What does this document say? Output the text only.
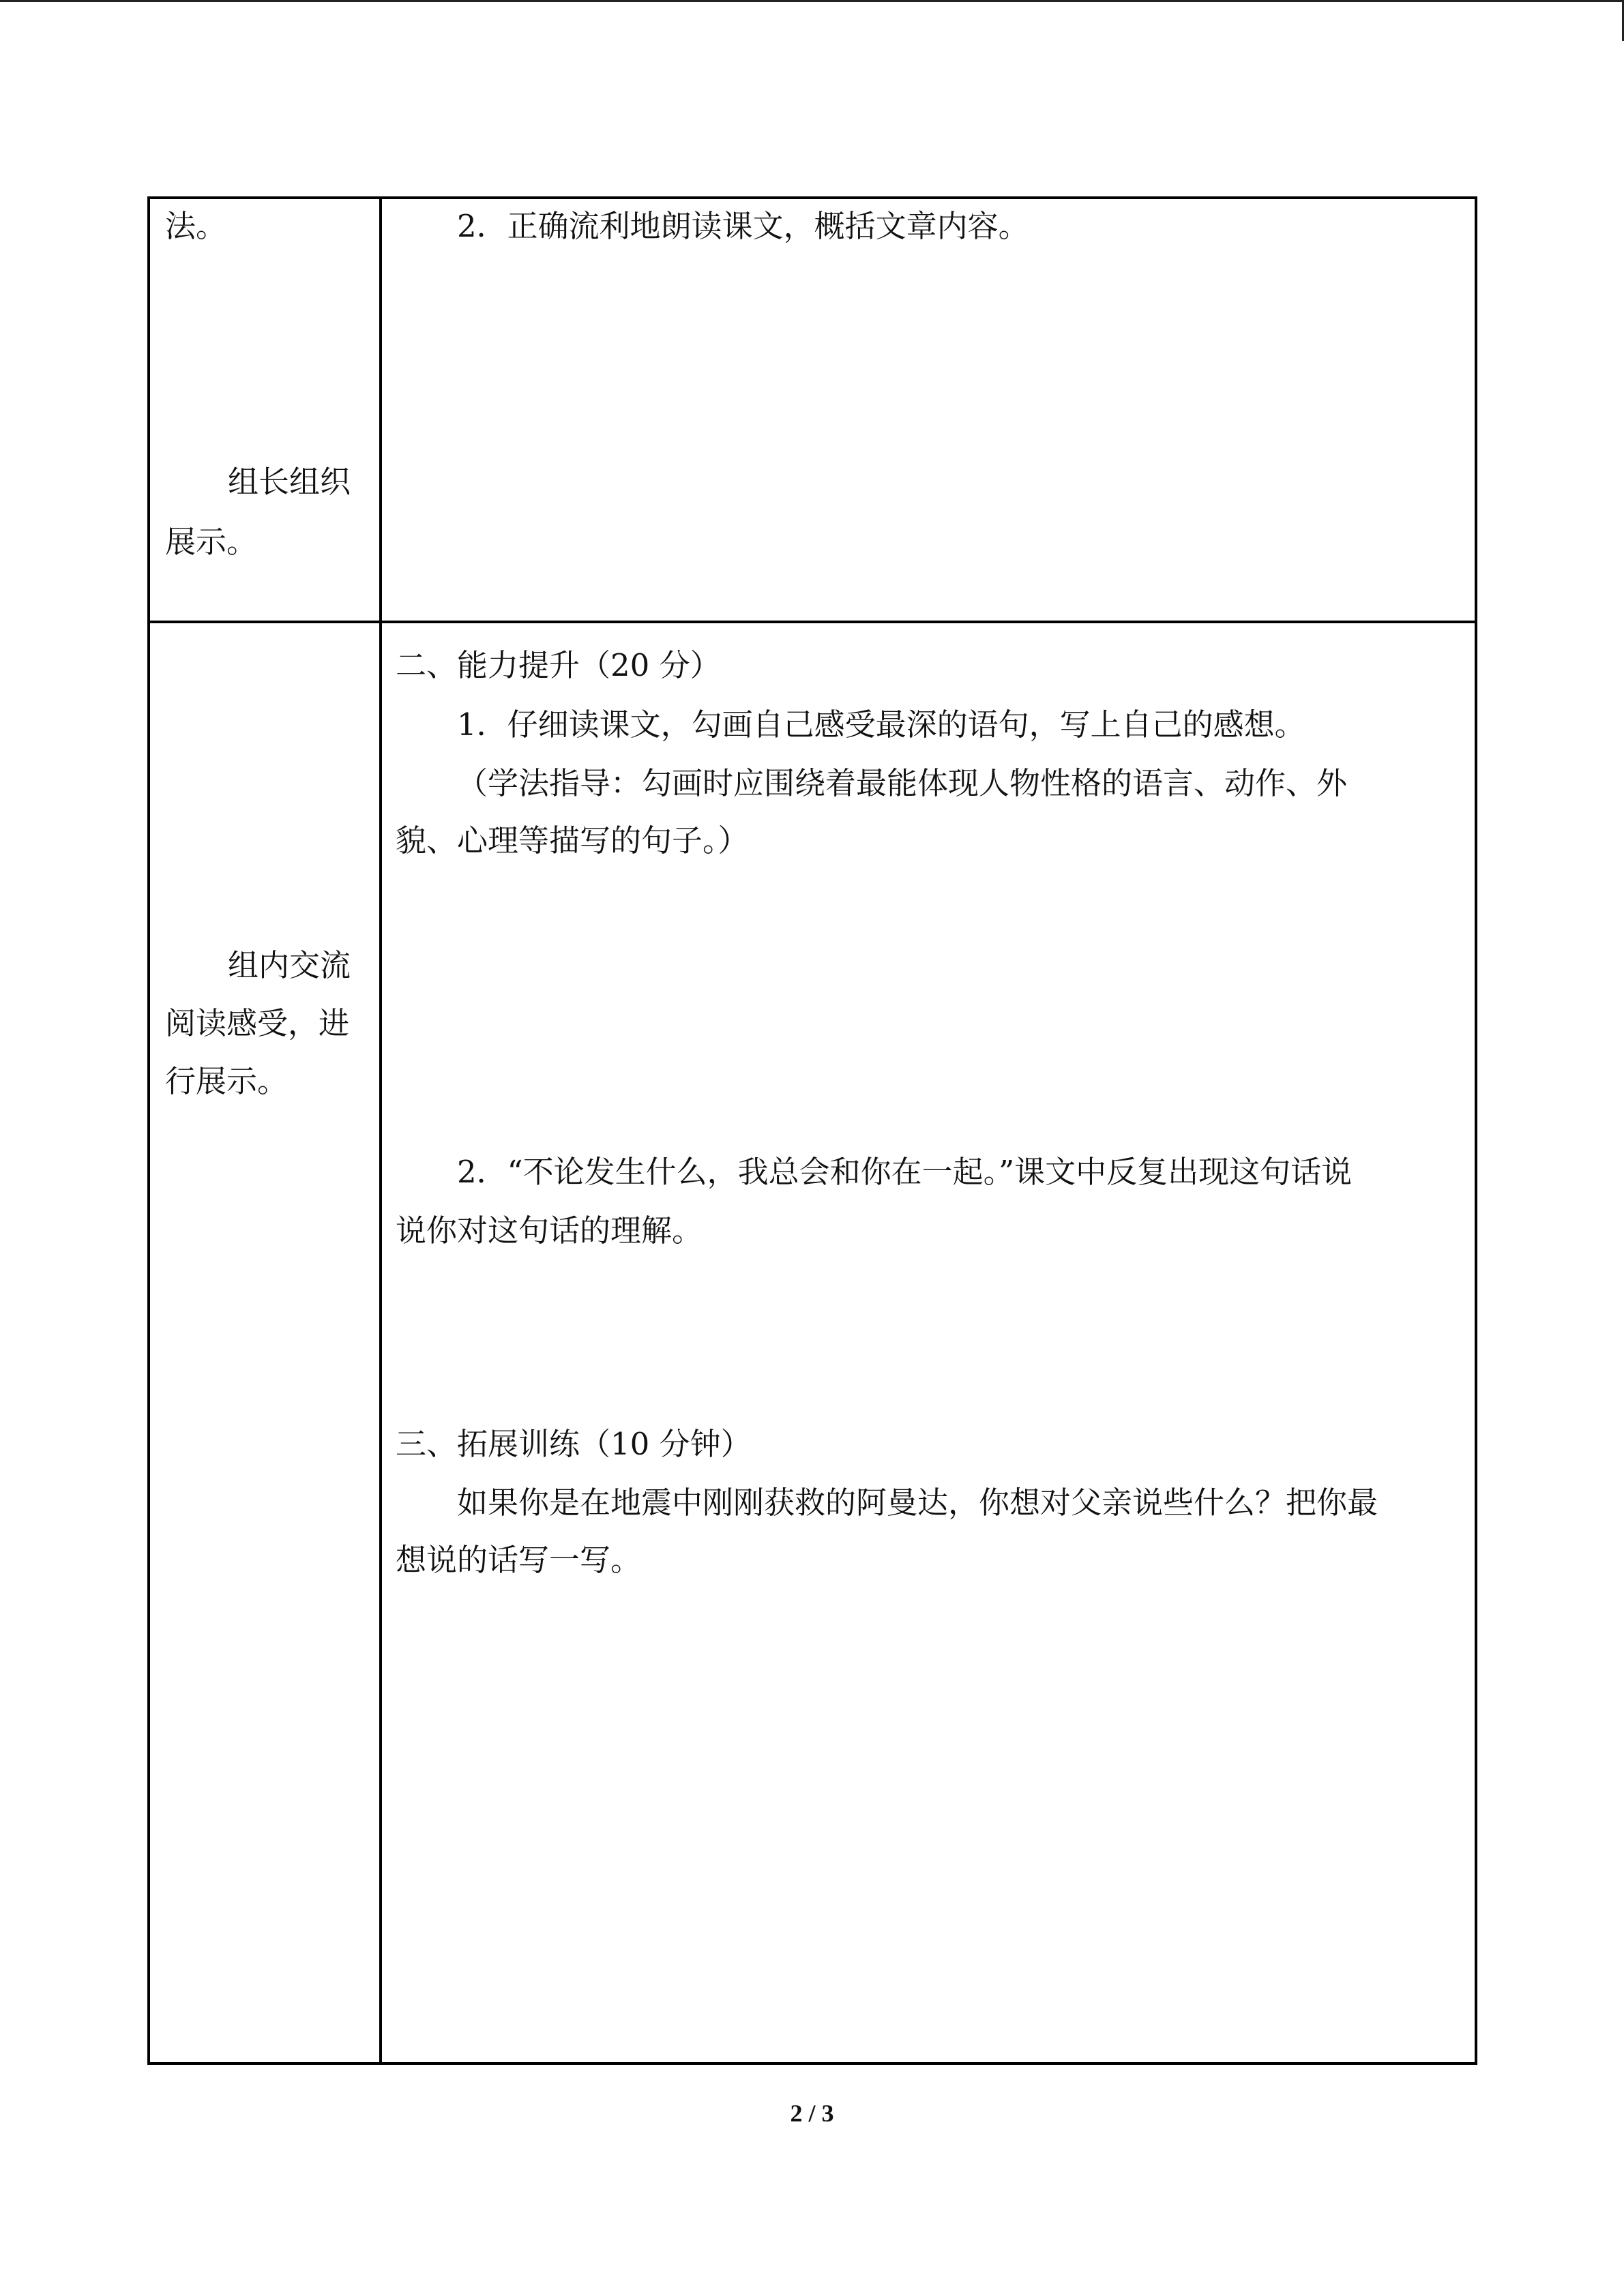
法。
组长组织
展示。
组内交流
阅读感受，进
行展示。
2．正确流利地朗读课文，概括文章内容。
二、能力提升（20 分）
1．仔细读课文，勾画自己感受最深的语句，写上自己的感想。
（学法指导：勾画时应围绕着最能体现人物性格的语言、动作、外
貌、心理等描写的句子。）
2．“不论发生什么，我总会和你在一起。”课文中反复出现这句话说
说你对这句话的理解。
三、拓展训练（10 分钟）
如果你是在地震中刚刚获救的阿曼达，你想对父亲说些什么？把你最
想说的话写一写。
2 / 3
